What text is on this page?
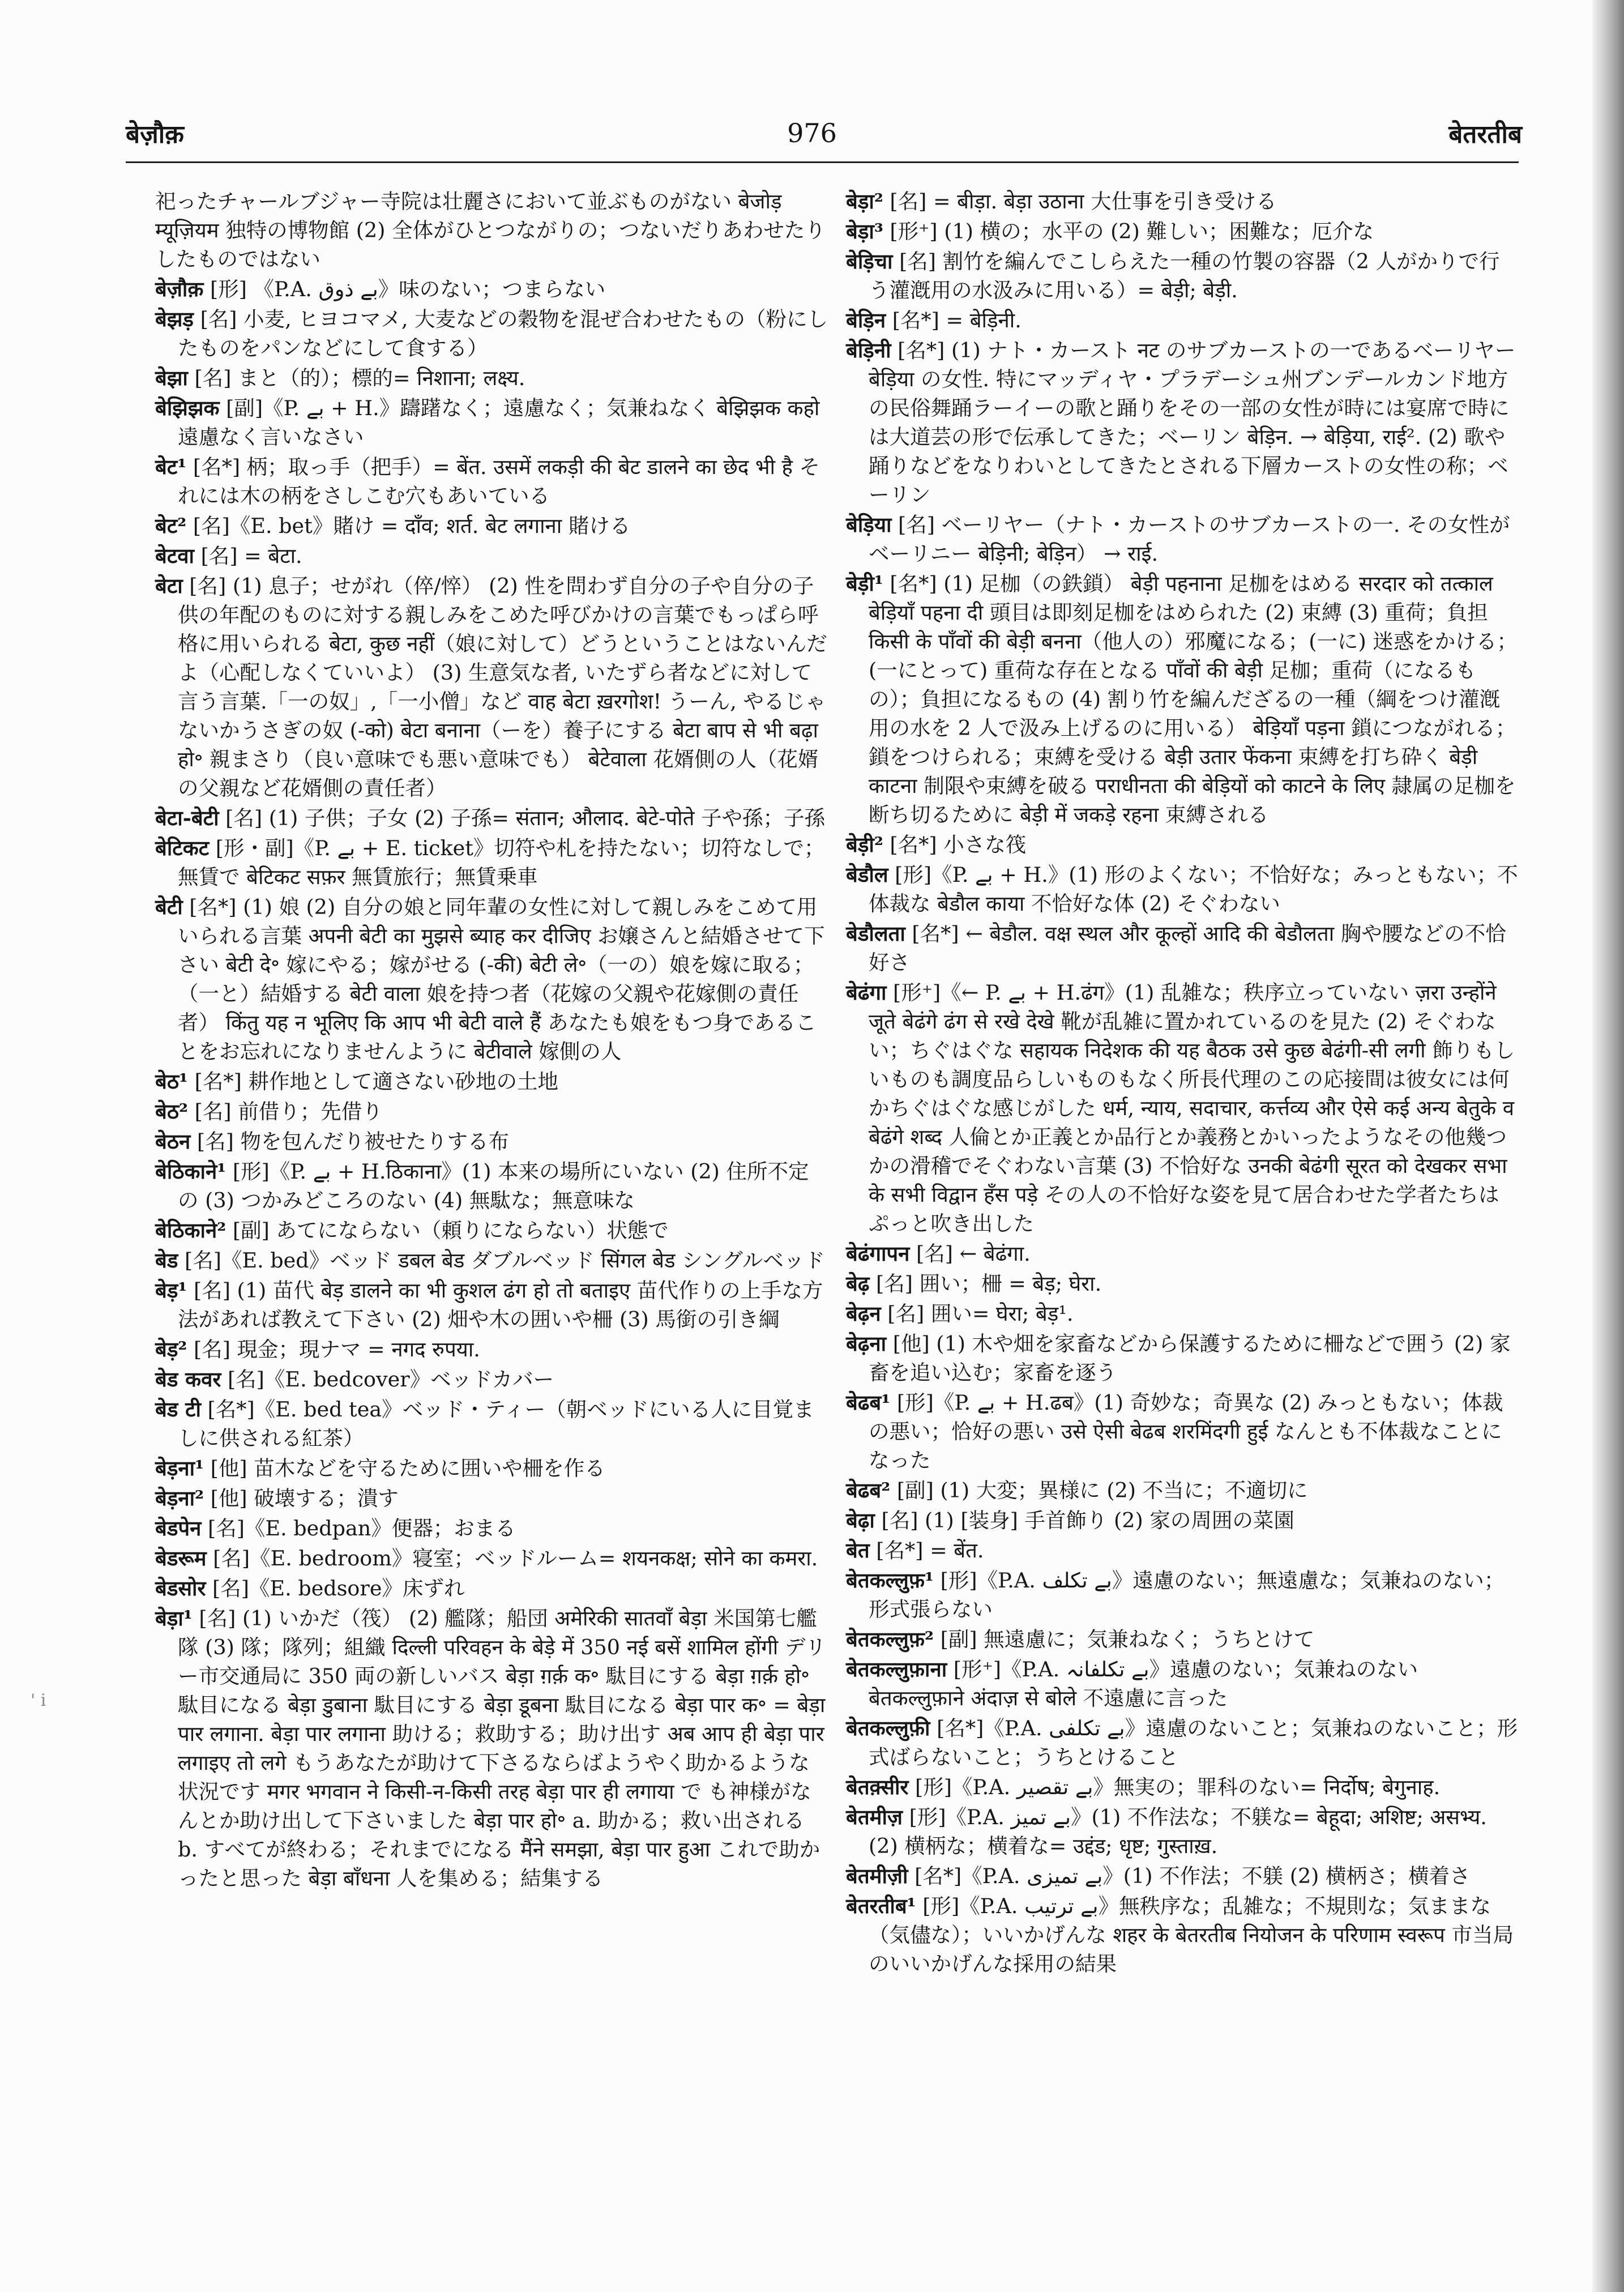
बेज़ौक़	976	बेतरतीब
' i
祀ったチャールブジャー寺院は壮麗さにおいて並ぶものがない बेजोड़ म्यूज़ियम 独特の博物館 (2) 全体がひとつながりの；つないだりあわせたりしたものではない
बेज़ौक़ [形] 《P.A. بے ذوق》味のない；つまらない
बेझड़ [名] 小麦, ヒヨコマメ, 大麦などの穀物を混ぜ合わせたもの（粉にしたものをパンなどにして食する）
बेझा [名] まと（的）；標的= निशाना; लक्ष्य.
बेझिझक [副]《P. بے + H.》躊躇なく；遠慮なく；気兼ねなく बेझिझक कहो 遠慮なく言いなさい
बेट¹ [名*] 柄；取っ手（把手）= बेंत. उसमें लकड़ी की बेट डालने का छेद भी है それには木の柄をさしこむ穴もあいている
बेट² [名]《E. bet》賭け = दाँव; शर्त. बेट लगाना 賭ける
बेटवा [名] = बेटा.
बेटा [名] (1) 息子；せがれ（倅/悴） (2) 性を問わず自分の子や自分の子供の年配のものに対する親しみをこめた呼びかけの言葉でもっぱら呼格に用いられる बेटा, कुछ नहीं（娘に対して）どうということはないんだよ（心配しなくていいよ） (3) 生意気な者, いたずら者などに対して言う言葉.「一の奴」,「一小僧」など वाह बेटा ख़रगोश! うーん, やるじゃないかうさぎの奴 (-को) बेटा बनाना（ーを）養子にする बेटा बाप से भी बढ़ा हो॰ 親まさり（良い意味でも悪い意味でも） बेटेवाला 花婿側の人（花婿の父親など花婿側の責任者）
बेटा-बेटी [名] (1) 子供；子女 (2) 子孫= संतान; औलाद. बेटे-पोते 子や孫；子孫
बेटिकट [形・副]《P. بے + E. ticket》切符や札を持たない；切符なしで；無賃で बेटिकट सफ़र 無賃旅行；無賃乗車
बेटी [名*] (1) 娘 (2) 自分の娘と同年輩の女性に対して親しみをこめて用いられる言葉 अपनी बेटी का मुझसे ब्याह कर दीजिए お嬢さんと結婚させて下さい बेटी दे॰ 嫁にやる；嫁がせる (-की) बेटी ले॰（一の）娘を嫁に取る；（一と）結婚する बेटी वाला 娘を持つ者（花嫁の父親や花嫁側の責任者） किंतु यह न भूलिए कि आप भी बेटी वाले हैं あなたも娘をもつ身であることをお忘れになりませんように बेटीवाले 嫁側の人
बेठ¹ [名*] 耕作地として適さない砂地の土地
बेठ² [名] 前借り；先借り
बेठन [名] 物を包んだり被せたりする布
बेठिकाने¹ [形]《P. بے + H.ठिकाना》(1) 本来の場所にいない (2) 住所不定の (3) つかみどころのない (4) 無駄な；無意味な
बेठिकाने² [副] あてにならない（頼りにならない）状態で
बेड [名]《E. bed》ベッド डबल बेड ダブルベッド सिंगल बेड シングルベッド
बेड़¹ [名] (1) 苗代 बेड़ डालने का भी कुशल ढंग हो तो बताइए 苗代作りの上手な方法があれば教えて下さい (2) 畑や木の囲いや柵 (3) 馬銜の引き綱
बेड़² [名] 現金；現ナマ = नगद रुपया.
बेड कवर [名]《E. bedcover》ベッドカバー
बेड टी [名*]《E. bed tea》ベッド・ティー（朝ベッドにいる人に目覚ましに供される紅茶）
बेड़ना¹ [他] 苗木などを守るために囲いや柵を作る
बेड़ना² [他] 破壊する；潰す
बेडपेन [名]《E. bedpan》便器；おまる
बेडरूम [名]《E. bedroom》寝室；ベッドルーム= शयनकक्ष; सोने का कमरा.
बेडसोर [名]《E. bedsore》床ずれ
बेड़ा¹ [名] (1) いかだ（筏） (2) 艦隊；船団 अमेरिकी सातवाँ बेड़ा 米国第七艦隊 (3) 隊；隊列；組織 दिल्ली परिवहन के बेड़े में 350 नई बसें शामिल होंगी デリー市交通局に 350 両の新しいバス बेड़ा ग़र्क़ क॰ 駄目にする बेड़ा ग़र्क़ हो॰ 駄目になる बेड़ा डुबाना 駄目にする बेड़ा डूबना 駄目になる बेड़ा पार क॰ = बेड़ा पार लगाना. बेड़ा पार लगाना 助ける；救助する；助け出す अब आप ही बेड़ा पार लगाइए तो लगे もうあなたが助けて下さるならばようやく助かるような状況です मगर भगवान ने किसी-न-किसी तरह बेड़ा पार ही लगाया で も神様がなんとか助け出して下さいました बेड़ा पार हो॰ a. 助かる；救い出される b. すべてが終わる；それまでになる मैंने समझा, बेड़ा पार हुआ これで助かったと思った बेड़ा बाँधना 人を集める；結集する
बेड़ा² [名] = बीड़ा. बेड़ा उठाना 大仕事を引き受ける
बेड़ा³ [形⁺] (1) 横の；水平の (2) 難しい；困難な；厄介な
बेड़िचा [名] 割竹を編んでこしらえた一種の竹製の容器（2 人がかりで行う灌漑用の水汲みに用いる）= बेड़ी; बेड़ी.
बेड़िन [名*] = बेड़िनी.
बेड़िनी [名*] (1) ナト・カースト नट のサブカーストの一であるベーリヤー बेड़िया の女性. 特にマッディヤ・プラデーシュ州ブンデールカンド地方の民俗舞踊ラーイーの歌と踊りをその一部の女性が時には宴席で時には大道芸の形で伝承してきた；ベーリン बेड़िन. → बेड़िया, राई². (2) 歌や踊りなどをなりわいとしてきたとされる下層カーストの女性の称；ベーリン
बेड़िया [名] ベーリヤー（ナト・カーストのサブカーストの一. その女性がベーリニー बेड़िनी; बेड़िन） → राई.
बेड़ी¹ [名*] (1) 足枷（の鉄鎖） बेड़ी पहनाना 足枷をはめる सरदार को तत्काल बेड़ियाँ पहना दी 頭目は即刻足枷をはめられた (2) 束縛 (3) 重荷；負担 किसी के पाँवों की बेड़ी बनना（他人の）邪魔になる；(一に) 迷惑をかける；(一にとって) 重荷な存在となる पाँवों की बेड़ी 足枷；重荷（になるもの）；負担になるもの (4) 割り竹を編んだざるの一種（綱をつけ灌漑用の水を 2 人で汲み上げるのに用いる） बेड़ियाँ पड़ना 鎖につながれる；鎖をつけられる；束縛を受ける बेड़ी उतार फेंकना 束縛を打ち砕く बेड़ी काटना 制限や束縛を破る पराधीनता की बेड़ियों को काटने के लिए 隷属の足枷を断ち切るために बेड़ी में जकड़े रहना 束縛される
बेड़ी² [名*] 小さな筏
बेडौल [形]《P. بے + H.》(1) 形のよくない；不恰好な；みっともない；不体裁な बेडौल काया 不恰好な体 (2) そぐわない
बेडौलता [名*] ← बेडौल. वक्ष स्थल और कूल्हों आदि की बेडौलता 胸や腰などの不恰好さ
बेढंगा [形⁺]《← P. بے + H.ढंग》(1) 乱雑な；秩序立っていない ज़रा उन्होंने जूते बेढंगे ढंग से रखे देखे 靴が乱雑に置かれているのを見た (2) そぐわない；ちぐはぐな सहायक निदेशक की यह बैठक उसे कुछ बेढंगी-सी लगी 飾りもしいものも調度品らしいものもなく所長代理のこの応接間は彼女には何かちぐはぐな感じがした धर्म, न्याय, सदाचार, कर्त्तव्य और ऐसे कई अन्य बेतुके व बेढंगे शब्द 人倫とか正義とか品行とか義務とかいったようなその他幾つかの滑稽でそぐわない言葉 (3) 不恰好な उनकी बेढंगी सूरत को देखकर सभा के सभी विद्वान हँस पड़े その人の不恰好な姿を見て居合わせた学者たちはぷっと吹き出した
बेढंगापन [名] ← बेढंगा.
बेढ़ [名] 囲い；柵 = बेड़; घेरा.
बेढ़न [名] 囲い= घेरा; बेड़¹.
बेढ़ना [他] (1) 木や畑を家畜などから保護するために柵などで囲う (2) 家畜を追い込む；家畜を逐う
बेढब¹ [形]《P. بے + H.ढब》(1) 奇妙な；奇異な (2) みっともない；体裁の悪い；恰好の悪い उसे ऐसी बेढब शरमिंदगी हुई なんとも不体裁なことになった
बेढब² [副] (1) 大変；異様に (2) 不当に；不適切に
बेढ़ा [名] (1) [装身] 手首飾り (2) 家の周囲の菜園
बेत [名*] = बेंत.
बेतकल्लुफ़¹ [形]《P.A. بے تکلف》遠慮のない；無遠慮な；気兼ねのない；形式張らない
बेतकल्लुफ़² [副] 無遠慮に；気兼ねなく；うちとけて
बेतकल्लुफ़ाना [形⁺]《P.A. بے تکلفانہ》遠慮のない；気兼ねのない बेतकल्लुफ़ाने अंदाज़ से बोले 不遠慮に言った
बेतकल्लुफ़ी [名*]《P.A. بے تکلفی》遠慮のないこと；気兼ねのないこと；形式ばらないこと；うちとけること
बेतक़्सीर [形]《P.A. بے تقصیر》無実の；罪科のない= निर्दोष; बेगुनाह.
बेतमीज़ [形]《P.A. بے تمیز》(1) 不作法な；不躾な= बेहूदा; अशिष्ट; असभ्य. (2) 横柄な；横着な= उद्दंड; धृष्ट; गुस्ताख़.
बेतमीज़ी [名*]《P.A. بے تمیزی》(1) 不作法；不躾 (2) 横柄さ；横着さ
बेतरतीब¹ [形]《P.A. بے ترتیب》無秩序な；乱雑な；不規則な；気ままな（気儘な）；いいかげんな शहर के बेतरतीब नियोजन के परिणाम स्वरूप 市当局のいいかげんな採用の結果
